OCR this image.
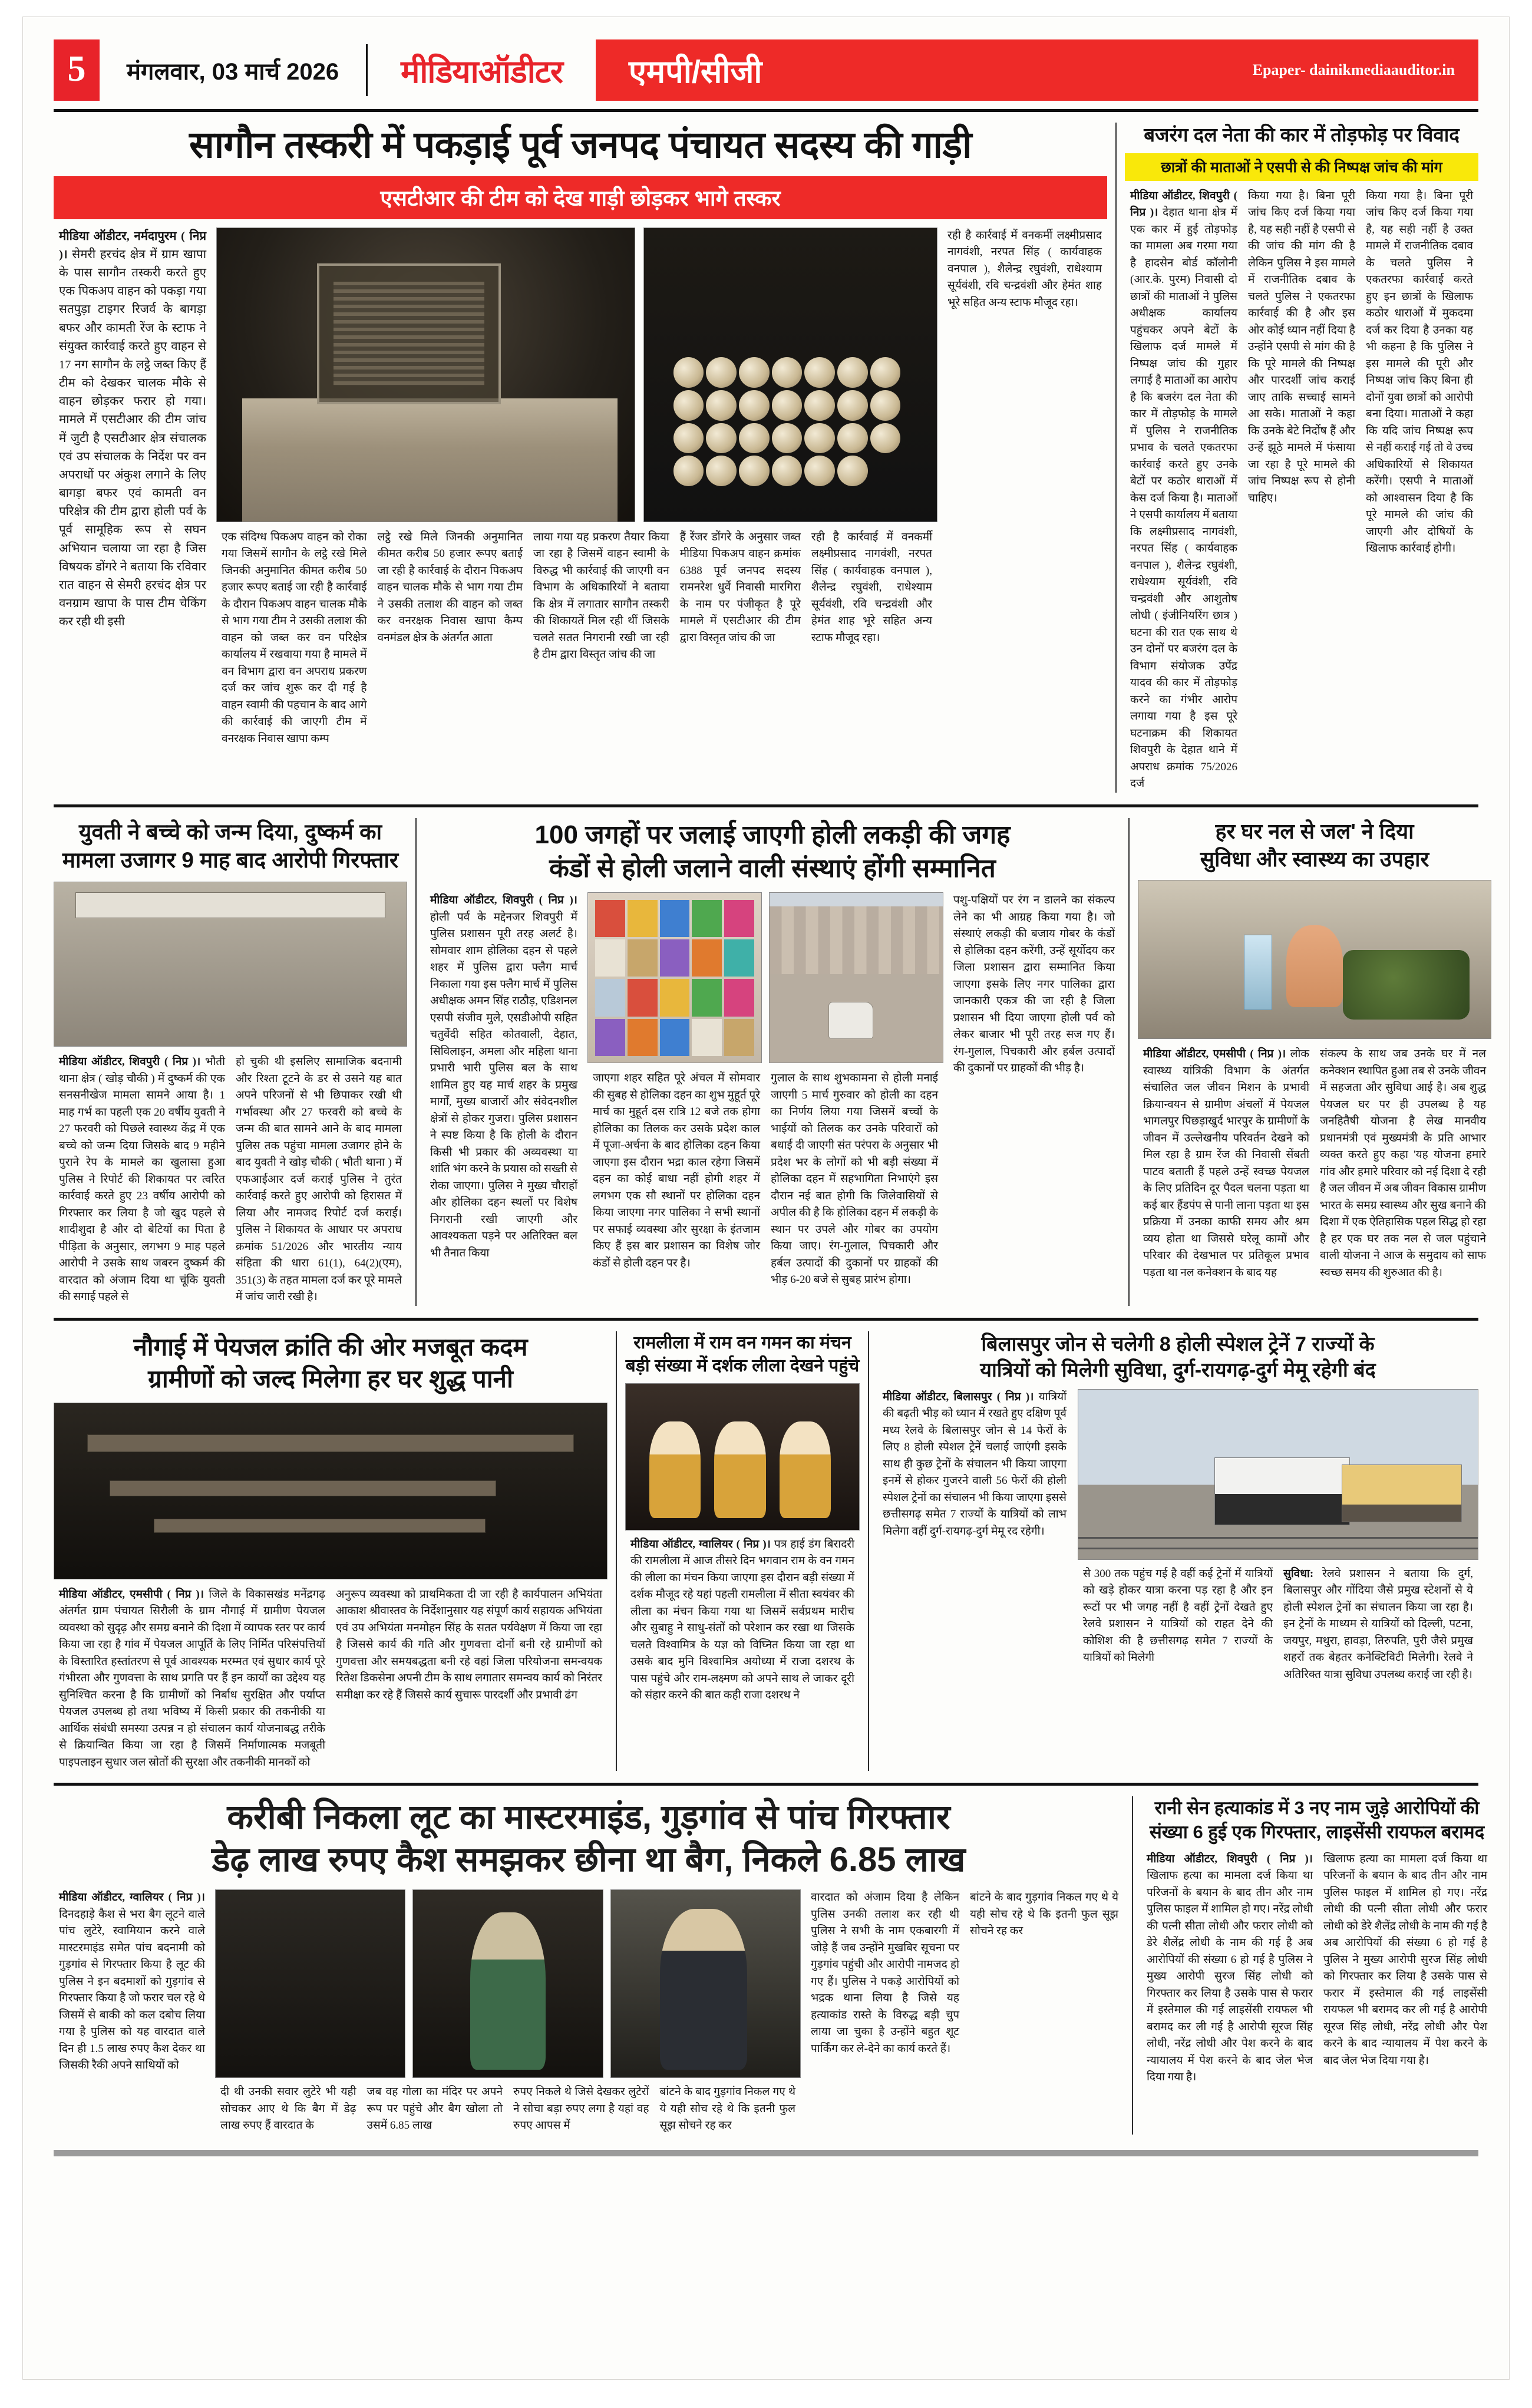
5	मंगलवार, 03 मार्च 2026	मीडियाऑडीटर	एमपी/सीजी	Epaper- dainikmediaauditor.in
सागौन तस्करी में पकड़ाई पूर्व जनपद पंचायत सदस्य की गाड़ी
एसटीआर की टीम को देख गाड़ी छोड़कर भागे तस्कर
मीडिया ऑडीटर, नर्मदापुरम ( निप्र )। सेमरी हरचंद क्षेत्र में ग्राम खापा के पास सागौन तस्करी करते हुए एक पिकअप वाहन को पकड़ा गया सतपुड़ा टाइगर रिजर्व के बागड़ा बफर और कामती रेंज के स्टाफ ने संयुक्त कार्रवाई करते हुए वाहन से 17 नग सागौन के लट्ठे जब्त किए हैं टीम को देखकर चालक मौके से वाहन छोड़कर फरार हो गया। मामले में एसटीआर की टीम जांच में जुटी है एसटीआर क्षेत्र संचालक एवं उप संचालक के निर्देश पर वन अपराधों पर अंकुश लगाने के लिए बागड़ा बफर एवं कामती वन परिक्षेत्र की टीम द्वारा होली पर्व के पूर्व सामूहिक रूप से सघन अभियान चलाया जा रहा है जिस विषयक डोंगरे ने बताया कि रविवार रात वाहन से सेमरी हरचंद क्षेत्र पर वनग्राम खापा के पास टीम चेकिंग कर रही थी इसी
एक संदिग्ध पिकअप वाहन को रोका गया जिसमें सागौन के लट्ठे रखे मिले जिनकी अनुमानित कीमत करीब 50 हजार रूपए बताई जा रही है कार्रवाई के दौरान पिकअप वाहन चालक मौके से भाग गया टीम ने उसकी तलाश की वाहन को जब्त कर वन परिक्षेत्र कार्यालय में रखवाया गया है मामले में वन विभाग द्वारा वन अपराध प्रकरण दर्ज कर जांच शुरू कर दी गई है वाहन स्वामी की पहचान के बाद आगे की कार्रवाई की जाएगी टीम में वनरक्षक निवास खापा कम्प
लट्ठे रखे मिले जिनकी अनुमानित कीमत करीब 50 हजार रूपए बताई जा रही है कार्रवाई के दौरान पिकअप वाहन चालक मौके से भाग गया टीम ने उसकी तलाश की वाहन को जब्त कर वनरक्षक निवास खापा कैम्प वनमंडल क्षेत्र के अंतर्गत आता
लाया गया यह प्रकरण तैयार किया जा रहा है जिसमें वाहन स्वामी के विरुद्ध भी कार्रवाई की जाएगी वन विभाग के अधिकारियों ने बताया कि क्षेत्र में लगातार सागौन तस्करी की शिकायतें मिल रही थीं जिसके चलते सतत निगरानी रखी जा रही है टीम द्वारा विस्तृत जांच की जा
हैं रेंजर डोंगरे के अनुसार जब्त मीडिया पिकअप वाहन क्रमांक 6388 पूर्व जनपद सदस्य रामनरेश धुर्वे निवासी मारगिरा के नाम पर पंजीकृत है पूरे मामले में एसटीआर की टीम द्वारा विस्तृत जांच की जा
रही है कार्रवाई में वनकर्मी लक्ष्मीप्रसाद नागवंशी, नरपत सिंह ( कार्यवाहक वनपाल ), शैलेन्द्र रघुवंशी, राधेश्याम सूर्यवंशी, रवि चन्द्रवंशी और हेमंत शाह भूरे सहित अन्य स्टाफ मौजूद रहा।
रही है कार्रवाई में वनकर्मी लक्ष्मीप्रसाद नागवंशी, नरपत सिंह ( कार्यवाहक वनपाल ), शैलेन्द्र रघुवंशी, राधेश्याम सूर्यवंशी, रवि चन्द्रवंशी और हेमंत शाह भूरे सहित अन्य स्टाफ मौजूद रहा।
बजरंग दल नेता की कार में तोड़फोड़ पर विवाद
छात्रों की माताओं ने एसपी से की निष्पक्ष जांच की मांग
मीडिया ऑडीटर, शिवपुरी ( निप्र )। देहात थाना क्षेत्र में एक कार में हुई तोड़फोड़ का मामला अब गरमा गया है हादसेन बोर्ड कॉलोनी (आर.के. पुरम) निवासी दो छात्रों की माताओं ने पुलिस अधीक्षक कार्यालय पहुंचकर अपने बेटों के खिलाफ दर्ज मामले में निष्पक्ष जांच की गुहार लगाई है माताओं का आरोप है कि बजरंग दल नेता की कार में तोड़फोड़ के मामले में पुलिस ने राजनीतिक प्रभाव के चलते एकतरफा कार्रवाई करते हुए उनके बेटों पर कठोर धाराओं में केस दर्ज किया है। माताओं ने एसपी कार्यालय में बताया कि लक्ष्मीप्रसाद नागवंशी, नरपत सिंह ( कार्यवाहक वनपाल ), शैलेन्द्र रघुवंशी, राधेश्याम सूर्यवंशी, रवि चन्द्रवंशी और आशुतोष लोधी ( इंजीनियरिंग छात्र ) घटना की रात एक साथ थे उन दोनों पर बजरंग दल के विभाग संयोजक उपेंद्र यादव की कार में तोड़फोड़ करने का गंभीर आरोप लगाया गया है इस पूरे घटनाक्रम की शिकायत शिवपुरी के देहात थाने में अपराध क्रमांक 75/2026 दर्ज
किया गया है। बिना पूरी जांच किए दर्ज किया गया है, यह सही नहीं है एसपी से की जांच की मांग की है लेकिन पुलिस ने इस मामले में राजनीतिक दबाव के चलते पुलिस ने एकतरफा कार्रवाई की है और इस ओर कोई ध्यान नहीं दिया है उन्होंने एसपी से मांग की है कि पूरे मामले की निष्पक्ष और पारदर्शी जांच कराई जाए ताकि सच्चाई सामने आ सके। माताओं ने कहा कि उनके बेटे निर्दोष हैं और उन्हें झूठे मामले में फंसाया जा रहा है पूरे मामले की जांच निष्पक्ष रूप से होनी चाहिए।
किया गया है। बिना पूरी जांच किए दर्ज किया गया है, यह सही नहीं है उक्त मामले में राजनीतिक दबाव के चलते पुलिस ने एकतरफा कार्रवाई करते हुए इन छात्रों के खिलाफ कठोर धाराओं में मुकदमा दर्ज कर दिया है उनका यह भी कहना है कि पुलिस ने इस मामले की पूरी और निष्पक्ष जांच किए बिना ही दोनों युवा छात्रों को आरोपी बना दिया। माताओं ने कहा कि यदि जांच निष्पक्ष रूप से नहीं कराई गई तो वे उच्च अधिकारियों से शिकायत करेंगी। एसपी ने माताओं को आश्वासन दिया है कि पूरे मामले की जांच की जाएगी और दोषियों के खिलाफ कार्रवाई होगी।
युवती ने बच्चे को जन्म दिया, दुष्कर्म का
मामला उजागर 9 माह बाद आरोपी गिरफ्तार
मीडिया ऑडीटर, शिवपुरी ( निप्र )। भौती थाना क्षेत्र ( खोड़ चौकी ) में दुष्कर्म की एक सनसनीखेज मामला सामने आया है। 1 माह गर्भ का पहली एक 20 वर्षीय युवती ने 27 फरवरी को पिछले स्वास्थ्य केंद्र में एक बच्चे को जन्म दिया जिसके बाद 9 महीने पुराने रेप के मामले का खुलासा हुआ पुलिस ने रिपोर्ट की शिकायत पर त्वरित कार्रवाई करते हुए 23 वर्षीय आरोपी को गिरफ्तार कर लिया है जो खुद पहले से शादीशुदा है और दो बेटियों का पिता है पीड़िता के अनुसार, लगभग 9 माह पहले आरोपी ने उसके साथ जबरन दुष्कर्म की वारदात को अंजाम दिया था चूंकि युवती की सगाई पहले से
हो चुकी थी इसलिए सामाजिक बदनामी और रिश्ता टूटने के डर से उसने यह बात अपने परिजनों से भी छिपाकर रखी थी गर्भावस्था और 27 फरवरी को बच्चे के जन्म की बात सामने आने के बाद मामला पुलिस तक पहुंचा मामला उजागर होने के बाद युवती ने खोड़ चौकी ( भौती थाना ) में एफआईआर दर्ज कराई पुलिस ने तुरंत कार्रवाई करते हुए आरोपी को हिरासत में लिया और नामजद रिपोर्ट दर्ज कराई। पुलिस ने शिकायत के आधार पर अपराध क्रमांक 51/2026 और भारतीय न्याय संहिता की धारा 61(1), 64(2)(एम), 351(3) के तहत मामला दर्ज कर पूरे मामले में जांच जारी रखी है।
100 जगहों पर जलाई जाएगी होली लकड़ी की जगह
कंडों से होली जलाने वाली संस्थाएं होंगी सम्मानित
मीडिया ऑडीटर, शिवपुरी ( निप्र )। होली पर्व के मद्देनजर शिवपुरी में पुलिस प्रशासन पूरी तरह अलर्ट है। सोमवार शाम होलिका दहन से पहले शहर में पुलिस द्वारा फ्लैग मार्च निकाला गया इस फ्लैग मार्च में पुलिस अधीक्षक अमन सिंह राठौड़, एडिशनल एसपी संजीव मुले, एसडीओपी सहित चतुर्वेदी सहित कोतवाली, देहात, सिविलाइन, अमला और महिला थाना प्रभारी भारी पुलिस बल के साथ शामिल हुए यह मार्च शहर के प्रमुख मार्गों, मुख्य बाजारों और संवेदनशील क्षेत्रों से होकर गुजरा। पुलिस प्रशासन ने स्पष्ट किया है कि होली के दौरान किसी भी प्रकार की अव्यवस्था या शांति भंग करने के प्रयास को सख्ती से रोका जाएगा। पुलिस ने मुख्य चौराहों और होलिका दहन स्थलों पर विशेष निगरानी रखी जाएगी और आवश्यकता पड़ने पर अतिरिक्त बल भी तैनात किया
जाएगा शहर सहित पूरे अंचल में सोमवार की सुबह से होलिका दहन का शुभ मुहूर्त पूरे मार्च का मुहूर्त दस रात्रि 12 बजे तक होगा होलिका का तिलक कर उसके प्रदेश काल में पूजा-अर्चना के बाद होलिका दहन किया जाएगा इस दौरान भद्रा काल रहेगा जिसमें दहन का कोई बाधा नहीं होगी शहर में लगभग एक सौ स्थानों पर होलिका दहन किया जाएगा नगर पालिका ने सभी स्थानों पर सफाई व्यवस्था और सुरक्षा के इंतजाम किए हैं इस बार प्रशासन का विशेष जोर कंडों से होली दहन पर है।
गुलाल के साथ शुभकामना से होली मनाई जाएगी 5 मार्च गुरुवार को होली का दहन का निर्णय लिया गया जिसमें बच्चों के भाईयों को तिलक कर उनके परिवारों को बधाई दी जाएगी संत परंपरा के अनुसार भी प्रदेश भर के लोगों को भी बड़ी संख्या में होलिका दहन में सहभागिता निभाएंगे इस दौरान नई बात होगी कि जिलेवासियों से अपील की है कि होलिका दहन में लकड़ी के स्थान पर उपले और गोबर का उपयोग किया जाए। रंग-गुलाल, पिचकारी और हर्बल उत्पादों की दुकानों पर ग्राहकों की भीड़ 6-20 बजे से सुबह प्रारंभ होगा।
पशु-पक्षियों पर रंग न डालने का संकल्प लेने का भी आग्रह किया गया है। जो संस्थाएं लकड़ी की बजाय गोबर के कंडों से होलिका दहन करेंगी, उन्हें सूर्योदय कर जिला प्रशासन द्वारा सम्मानित किया जाएगा इसके लिए नगर पालिका द्वारा जानकारी एकत्र की जा रही है जिला प्रशासन भी दिया जाएगा होली पर्व को लेकर बाजार भी पूरी तरह सज गए हैं। रंग-गुलाल, पिचकारी और हर्बल उत्पादों की दुकानों पर ग्राहकों की भीड़ है।
हर घर नल से जल' ने दिया
सुविधा और स्वास्थ्य का उपहार
मीडिया ऑडीटर, एमसीपी ( निप्र )। लोक स्वास्थ्य यांत्रिकी विभाग के अंतर्गत संचालित जल जीवन मिशन के प्रभावी क्रियान्वयन से ग्रामीण अंचलों में पेयजल भागलपुर पिछड़ाखुर्द भारपुर के ग्रामीणों के जीवन में उल्लेखनीय परिवर्तन देखने को मिल रहा है ग्राम रेंज की निवासी सेंबती पाटव बताती हैं पहले उन्हें स्वच्छ पेयजल के लिए प्रतिदिन दूर पैदल चलना पड़ता था कई बार हैंडपंप से पानी लाना पड़ता था इस प्रक्रिया में उनका काफी समय और श्रम व्यय होता था जिससे घरेलू कामों और परिवार की देखभाल पर प्रतिकूल प्रभाव पड़ता था नल कनेक्शन के बाद यह
संकल्प के साथ जब उनके घर में नल कनेक्शन स्थापित हुआ तब से उनके जीवन में सहजता और सुविधा आई है। अब शुद्ध पेयजल घर पर ही उपलब्ध है यह जनहितैषी योजना है लेख मानवीय प्रधानमंत्री एवं मुख्यमंत्री के प्रति आभार व्यक्त करते हुए कहा 'यह योजना हमारे गांव और हमारे परिवार को नई दिशा दे रही है जल जीवन में अब जीवन विकास ग्रामीण भारत के समग्र स्वास्थ्य और सुख बनाने की दिशा में एक ऐतिहासिक पहल सिद्ध हो रहा है हर एक घर तक नल से जल पहुंचाने वाली योजना ने आज के समुदाय को साफ स्वच्छ समय की शुरुआत की है।
नौगाई में पेयजल क्रांति की ओर मजबूत कदम
ग्रामीणों को जल्द मिलेगा हर घर शुद्ध पानी
मीडिया ऑडीटर, एमसीपी ( निप्र )। जिले के विकासखंड मनेंद्रगढ़ अंतर्गत ग्राम पंचायत सिरौली के ग्राम नौगाई में ग्रामीण पेयजल व्यवस्था को सुदृढ़ और समग्र बनाने की दिशा में व्यापक स्तर पर कार्य किया जा रहा है गांव में पेयजल आपूर्ति के लिए निर्मित परिसंपत्तियों के विस्तारित हस्तांतरण से पूर्व आवश्यक मरम्मत एवं सुधार कार्य पूरे गंभीरता और गुणवत्ता के साथ प्रगति पर हैं इन कार्यों का उद्देश्य यह सुनिश्चित करना है कि ग्रामीणों को निर्बाध सुरक्षित और पर्याप्त पेयजल उपलब्ध हो तथा भविष्य में किसी प्रकार की तकनीकी या आर्थिक संबंधी समस्या उत्पन्न न हो संचालन कार्य योजनाबद्ध तरीके से क्रियान्वित किया जा रहा है जिसमें निर्माणात्मक मजबूती पाइपलाइन सुधार जल स्रोतों की सुरक्षा और तकनीकी मानकों को
अनुरूप व्यवस्था को प्राथमिकता दी जा रही है कार्यपालन अभियंता आकाश श्रीवास्तव के निर्देशानुसार यह संपूर्ण कार्य सहायक अभियंता एवं उप अभियंता मनमोहन सिंह के सतत पर्यवेक्षण में किया जा रहा है जिससे कार्य की गति और गुणवत्ता दोनों बनी रहे ग्रामीणों को गुणवत्ता और समयबद्धता बनी रहे वहां जिला परियोजना समन्वयक रितेश डिकसेना अपनी टीम के साथ लगातार समन्वय कार्य को निरंतर समीक्षा कर रहे हैं जिससे कार्य सुचारू पारदर्शी और प्रभावी ढंग
रामलीला में राम वन गमन का मंचन
बड़ी संख्या में दर्शक लीला देखने पहुंचे
मीडिया ऑडीटर, ग्वालियर ( निप्र )। पत्र हाई डंग बिरादरी की रामलीला में आज तीसरे दिन भगवान राम के वन गमन की लीला का मंचन किया जाएगा इस दौरान बड़ी संख्या में दर्शक मौजूद रहे यहां पहली रामलीला में सीता स्वयंवर की लीला का मंचन किया गया था जिसमें सर्वप्रथम मारीच और सुबाहु ने साधु-संतों को परेशान कर रखा था जिसके चलते विश्वामित्र के यज्ञ को विघ्नित किया जा रहा था उसके बाद मुनि विश्वामित्र अयोध्या में राजा दशरथ के पास पहुंचे और राम-लक्ष्मण को अपने साथ ले जाकर दूरी को संहार करने की बात कही राजा दशरथ ने
बिलासपुर जोन से चलेगी 8 होली स्पेशल ट्रेनें 7 राज्यों के
यात्रियों को मिलेगी सुविधा, दुर्ग-रायगढ़-दुर्ग मेमू रहेगी बंद
मीडिया ऑडीटर, बिलासपुर ( निप्र )। यात्रियों की बढ़ती भीड़ को ध्यान में रखते हुए दक्षिण पूर्व मध्य रेलवे के बिलासपुर जोन से 14 फेरों के लिए 8 होली स्पेशल ट्रेनें चलाई जाएंगी इसके साथ ही कुछ ट्रेनों के संचालन भी किया जाएगा इनमें से होकर गुजरने वाली 56 फेरों की होली स्पेशल ट्रेनों का संचालन भी किया जाएगा इससे छत्तीसगढ़ समेत 7 राज्यों के यात्रियों को लाभ मिलेगा वहीं दुर्ग-रायगढ़-दुर्ग मेमू रद रहेगी।
से 300 तक पहुंच गई है वहीं कई ट्रेनों में यात्रियों को खड़े होकर यात्रा करना पड़ रहा है और इन रूटों पर भी जगह नहीं है वहीं ट्रेनों देखते हुए रेलवे प्रशासन ने यात्रियों को राहत देने की कोशिश की है छत्तीसगढ़ समेत 7 राज्यों के यात्रियों को मिलेगी
सुविधा: रेलवे प्रशासन ने बताया कि दुर्ग, बिलासपुर और गोंदिया जैसे प्रमुख स्टेशनों से ये होली स्पेशल ट्रेनों का संचालन किया जा रहा है। इन ट्रेनों के माध्यम से यात्रियों को दिल्ली, पटना, जयपुर, मथुरा, हावड़ा, तिरुपति, पुरी जैसे प्रमुख शहरों तक बेहतर कनेक्टिविटी मिलेगी। रेलवे ने अतिरिक्त यात्रा सुविधा उपलब्ध कराई जा रही है।
करीबी निकला लूट का मास्टरमाइंड, गुड़गांव से पांच गिरफ्तार
डेढ़ लाख रुपए कैश समझकर छीना था बैग, निकले 6.85 लाख
मीडिया ऑडीटर, ग्वालियर ( निप्र )। दिनदहाड़े कैश से भरा बैग लूटने वाले पांच लुटेरे, स्वामियान करने वाले मास्टरमाइंड समेत पांच बदनामी को गुड़गांव से गिरफ्तार किया है लूट की पुलिस ने इन बदमाशों को गुड़गांव से गिरफ्तार किया है जो फरार चल रहे थे जिसमें से बाकी को कल दबोच लिया गया है पुलिस को यह वारदात वाले दिन ही 1.5 लाख रुपए कैश देकर था जिसकी रैकी अपने साथियों को
दी थी उनकी सवार लुटेरे भी यही सोचकर आए थे कि बैग में डेढ़ लाख रुपए हैं वारदात के
जब वह गोला का मंदिर पर अपने रूप पर पहुंचे और बैग खोला तो उसमें 6.85 लाख
रुपए निकले थे जिसे देखकर लुटेरों ने सोचा बड़ा रुपए लगा है यहां वह रुपए आपस में
बांटने के बाद गुड़गांव निकल गए थे ये यही सोच रहे थे कि इतनी फुल सूझ सोचने रह कर
वारदात को अंजाम दिया है लेकिन पुलिस उनकी तलाश कर रही थी पुलिस ने सभी के नाम एकबारगी में जोड़े हैं जब उन्होंने मुखबिर सूचना पर गुड़गांव पहुंची और आरोपी नामजद हो गए हैं। पुलिस ने पकड़े आरोपियों को भद्रक थाना लिया है जिसे यह हत्याकांड रास्ते के विरुद्ध बड़ी चुप लाया जा चुका है उन्होंने बहुत शूट पार्किंग कर ले-देने का कार्य करते हैं।
बांटने के बाद गुड़गांव निकल गए थे ये यही सोच रहे थे कि इतनी फुल सूझ सोचने रह कर
रानी सेन हत्याकांड में 3 नए नाम जुड़े आरोपियों की
संख्या 6 हुई एक गिरफ्तार, लाइसेंसी रायफल बरामद
मीडिया ऑडीटर, शिवपुरी ( निप्र )। खिलाफ हत्या का मामला दर्ज किया था परिजनों के बयान के बाद तीन और नाम पुलिस फाइल में शामिल हो गए। नरेंद्र लोधी की पत्नी सीता लोधी और फरार लोधी को डेरे शैलेंद्र लोधी के नाम की गई है अब आरोपियों की संख्या 6 हो गई है पुलिस ने मुख्य आरोपी सुरज सिंह लोधी को गिरफ्तार कर लिया है उसके पास से फरार में इस्तेमाल की गई लाइसेंसी रायफल भी बरामद कर ली गई है आरोपी सूरज सिंह लोधी, नरेंद्र लोधी और पेश करने के बाद न्यायालय में पेश करने के बाद जेल भेज दिया गया है।
खिलाफ हत्या का मामला दर्ज किया था परिजनों के बयान के बाद तीन और नाम पुलिस फाइल में शामिल हो गए। नरेंद्र लोधी की पत्नी सीता लोधी और फरार लोधी को डेरे शैलेंद्र लोधी के नाम की गई है अब आरोपियों की संख्या 6 हो गई है पुलिस ने मुख्य आरोपी सुरज सिंह लोधी को गिरफ्तार कर लिया है उसके पास से फरार में इस्तेमाल की गई लाइसेंसी रायफल भी बरामद कर ली गई है आरोपी सूरज सिंह लोधी, नरेंद्र लोधी और पेश करने के बाद न्यायालय में पेश करने के बाद जेल भेज दिया गया है।
